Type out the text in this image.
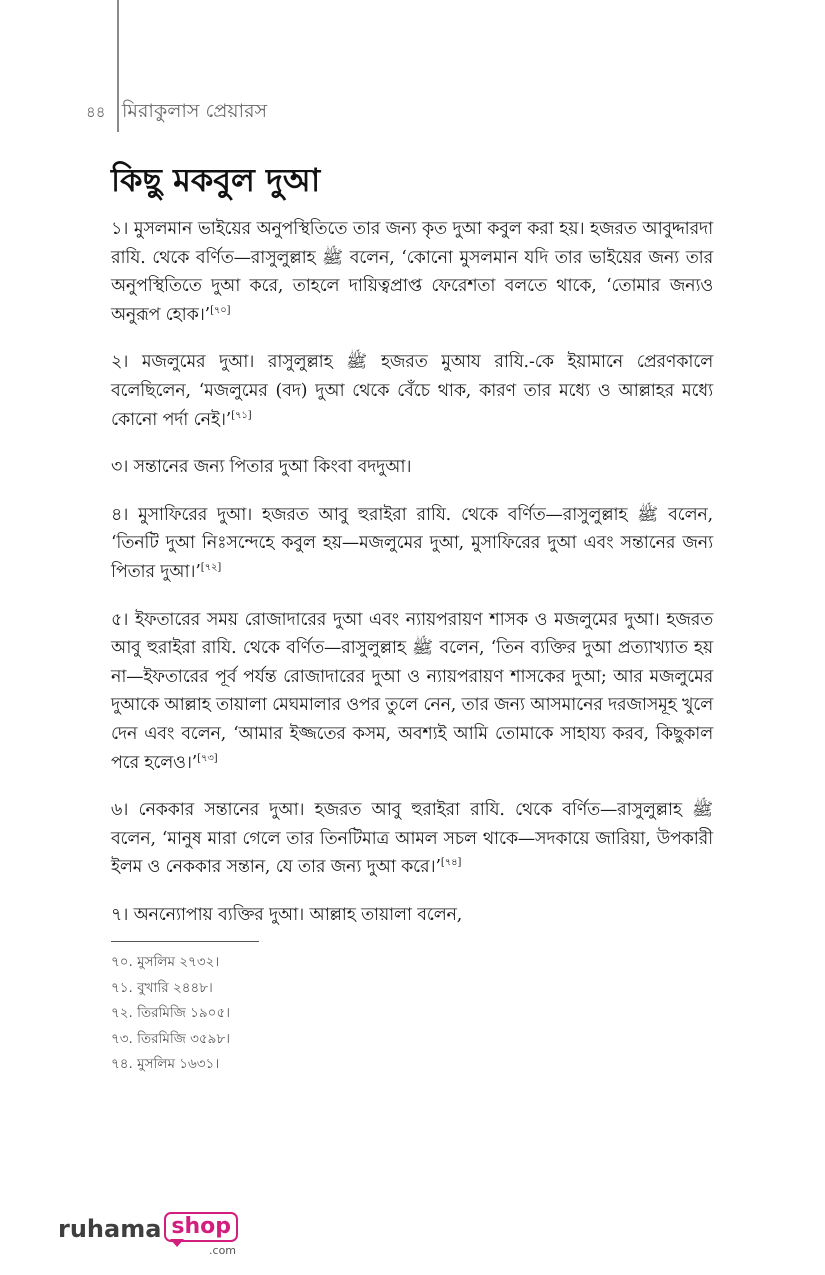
৪৪ মিরাকুলাস প্রেয়ারস
কিছু মকবুল দুআ

১। মুসলমান ভাইয়ের অনুপস্থিতিতে তার জন্য কৃত দুআ কবুল করা হয়। হজরত আবুদ্দারদা রাযি. থেকে বর্ণিত—রাসুলুল্লাহ ﷺ বলেন, ‘কোনো মুসলমান যদি তার ভাইয়ের জন্য তার অনুপস্থিতিতে দুআ করে, তাহলে দায়িত্বপ্রাপ্ত ফেরেশতা বলতে থাকে, ‘তোমার জন্যও অনুরূপ হোক।’[৭০]

২। মজলুমের দুআ। রাসুলুল্লাহ ﷺ হজরত মুআয রাযি.-কে ইয়ামানে প্রেরণকালে বলেছিলেন, ‘মজলুমের (বদ) দুআ থেকে বেঁচে থাক, কারণ তার মধ্যে ও আল্লাহর মধ্যে কোনো পর্দা নেই।’[৭১]

৩। সন্তানের জন্য পিতার দুআ কিংবা বদদুআ।

৪। মুসাফিরের দুআ। হজরত আবু হুরাইরা রাযি. থেকে বর্ণিত—রাসুলুল্লাহ ﷺ বলেন, ‘তিনটি দুআ নিঃসন্দেহে কবুল হয়—মজলুমের দুআ, মুসাফিরের দুআ এবং সন্তানের জন্য পিতার দুআ।’[৭২]

৫। ইফতারের সময় রোজাদারের দুআ এবং ন্যায়পরায়ণ শাসক ও মজলুমের দুআ। হজরত আবু হুরাইরা রাযি. থেকে বর্ণিত—রাসুলুল্লাহ ﷺ বলেন, ‘তিন ব্যক্তির দুআ প্রত্যাখ্যাত হয় না—ইফতারের পূর্ব পর্যন্ত রোজাদারের দুআ ও ন্যায়পরায়ণ শাসকের দুআ; আর মজলুমের দুআকে আল্লাহ তায়ালা মেঘমালার ওপর তুলে নেন, তার জন্য আসমানের দরজাসমূহ খুলে দেন এবং বলেন, ‘আমার ইজ্জতের কসম, অবশ্যই আমি তোমাকে সাহায্য করব, কিছুকাল পরে হলেও।’[৭৩]

৬। নেককার সন্তানের দুআ। হজরত আবু হুরাইরা রাযি. থেকে বর্ণিত—রাসুলুল্লাহ ﷺ বলেন, ‘মানুষ মারা গেলে তার তিনটিমাত্র আমল সচল থাকে—সদকায়ে জারিয়া, উপকারী ইলম ও নেককার সন্তান, যে তার জন্য দুআ করে।’[৭৪]

৭। অনন্যোপায় ব্যক্তির দুআ। আল্লাহ তায়ালা বলেন,

৭০. মুসলিম ২৭৩২।
৭১. বুখারি ২৪৪৮।
৭২. তিরমিজি ১৯০৫।
৭৩. তিরমিজি ৩৫৯৮।
৭৪. মুসলিম ১৬৩১।
ruhama shop
.com
